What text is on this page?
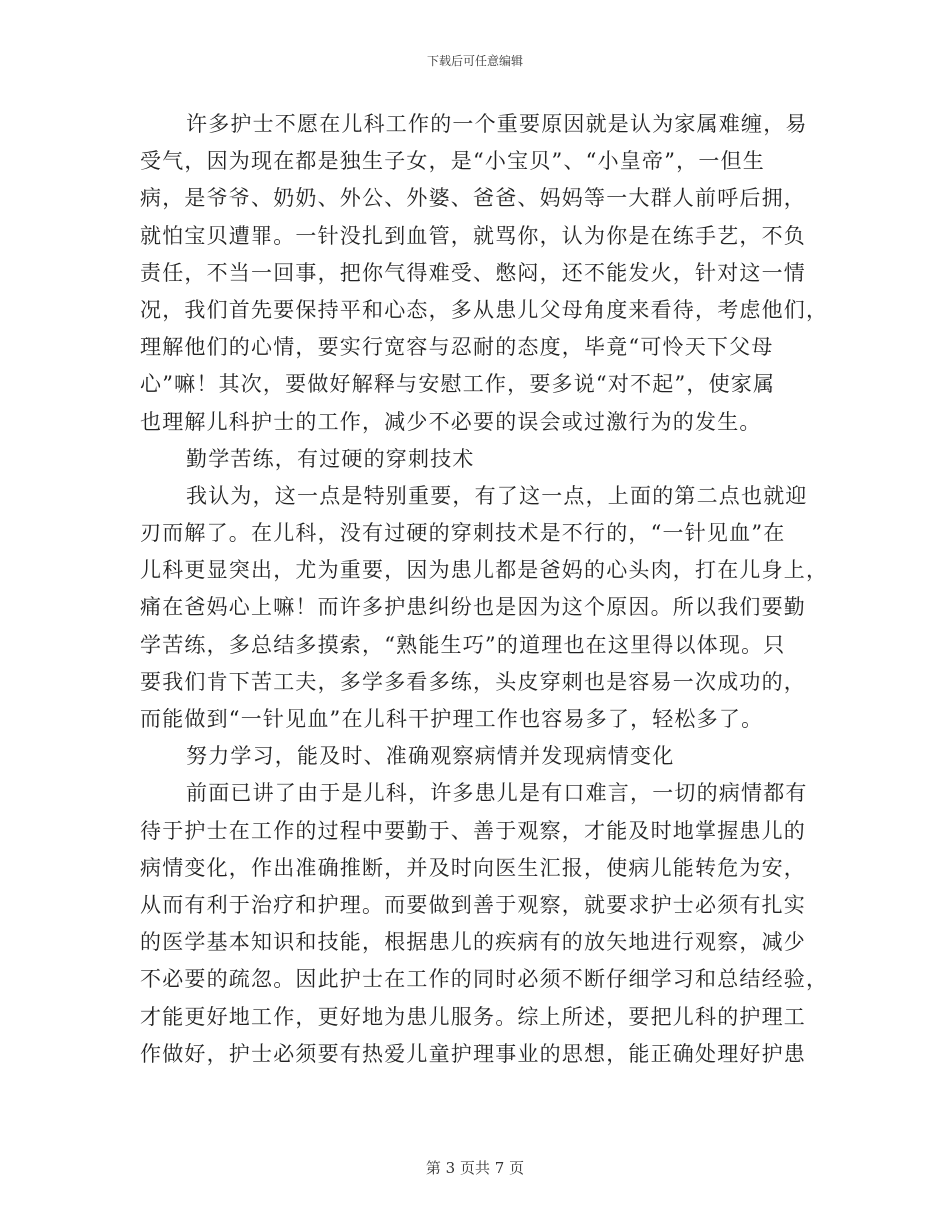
下载后可任意编辑
许多护士不愿在儿科工作的一个重要原因就是认为家属难缠，易
受气，因为现在都是独生子女，是“小宝贝”、“小皇帝”，一但生
病，是爷爷、奶奶、外公、外婆、爸爸、妈妈等一大群人前呼后拥，
就怕宝贝遭罪。一针没扎到血管，就骂你，认为你是在练手艺，不负
责任，不当一回事，把你气得难受、憋闷，还不能发火，针对这一情
况，我们首先要保持平和心态，多从患儿父母角度来看待，考虑他们，
理解他们的心情，要实行宽容与忍耐的态度，毕竟“可怜天下父母
心”嘛！其次，要做好解释与安慰工作，要多说“对不起”，使家属
也理解儿科护士的工作，减少不必要的误会或过激行为的发生。
勤学苦练，有过硬的穿刺技术
我认为，这一点是特别重要，有了这一点，上面的第二点也就迎
刃而解了。在儿科，没有过硬的穿刺技术是不行的，“一针见血”在
儿科更显突出，尤为重要，因为患儿都是爸妈的心头肉，打在儿身上，
痛在爸妈心上嘛！而许多护患纠纷也是因为这个原因。所以我们要勤
学苦练，多总结多摸索，“熟能生巧”的道理也在这里得以体现。只
要我们肯下苦工夫，多学多看多练，头皮穿刺也是容易一次成功的，
而能做到“一针见血”在儿科干护理工作也容易多了，轻松多了。
努力学习，能及时、准确观察病情并发现病情变化
前面已讲了由于是儿科，许多患儿是有口难言，一切的病情都有
待于护士在工作的过程中要勤于、善于观察，才能及时地掌握患儿的
病情变化，作出准确推断，并及时向医生汇报，使病儿能转危为安，
从而有利于治疗和护理。而要做到善于观察，就要求护士必须有扎实
的医学基本知识和技能，根据患儿的疾病有的放矢地进行观察，减少
不必要的疏忽。因此护士在工作的同时必须不断仔细学习和总结经验，
才能更好地工作，更好地为患儿服务。综上所述，要把儿科的护理工
作做好，护士必须要有热爱儿童护理事业的思想，能正确处理好护患
第 3 页共 7 页
